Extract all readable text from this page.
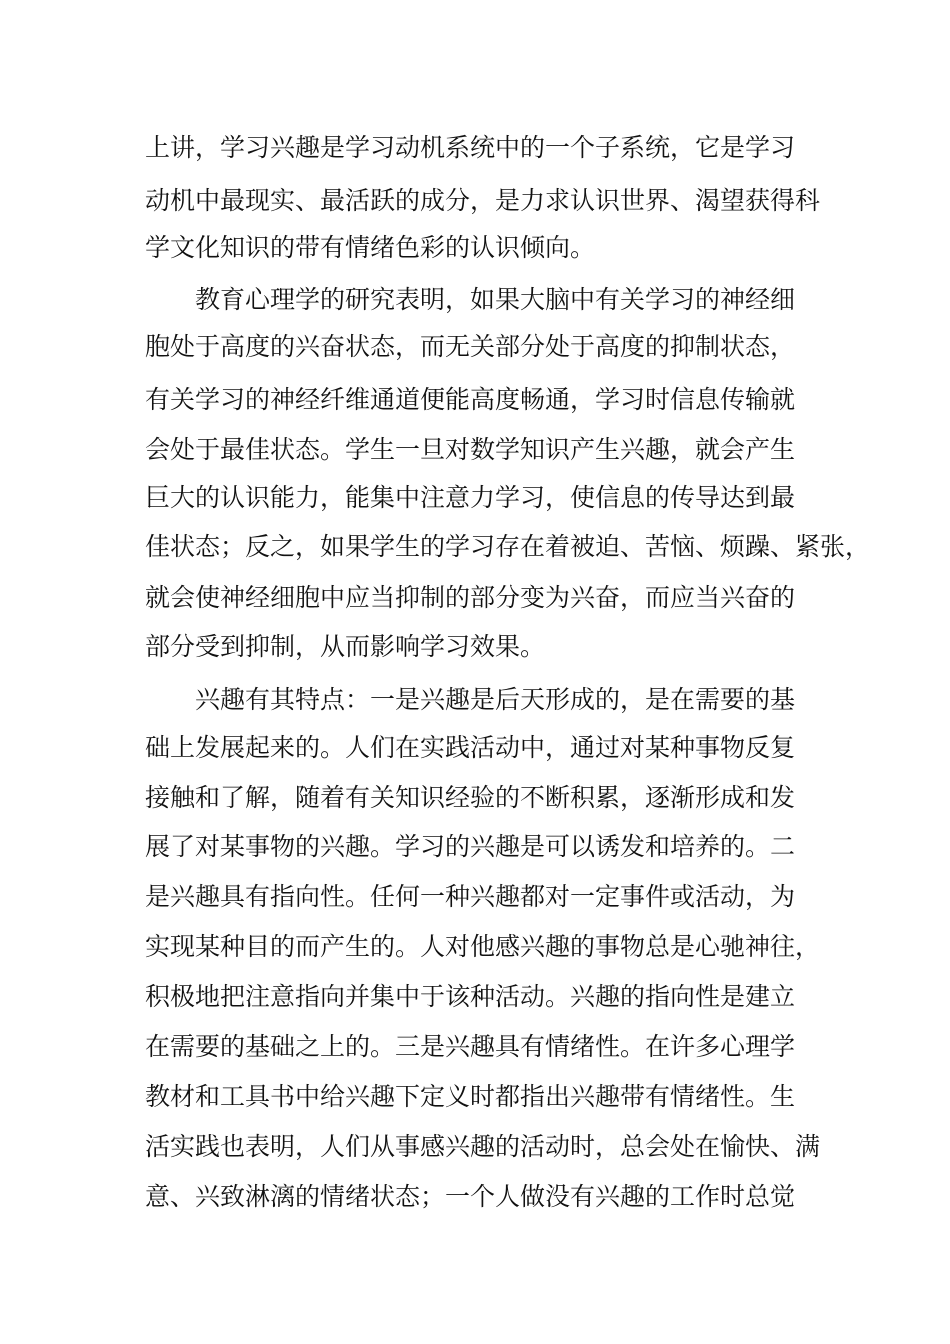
上讲，学习兴趣是学习动机系统中的一个子系统，它是学习
动机中最现实、最活跃的成分，是力求认识世界、渴望获得科
学文化知识的带有情绪色彩的认识倾向。
教育心理学的研究表明，如果大脑中有关学习的神经细
胞处于高度的兴奋状态，而无关部分处于高度的抑制状态，
有关学习的神经纤维通道便能高度畅通，学习时信息传输就
会处于最佳状态。学生一旦对数学知识产生兴趣，就会产生
巨大的认识能力，能集中注意力学习，使信息的传导达到最
佳状态；反之，如果学生的学习存在着被迫、苦恼、烦躁、紧张，
就会使神经细胞中应当抑制的部分变为兴奋，而应当兴奋的
部分受到抑制，从而影响学习效果。
兴趣有其特点：一是兴趣是后天形成的，是在需要的基
础上发展起来的。人们在实践活动中，通过对某种事物反复
接触和了解，随着有关知识经验的不断积累，逐渐形成和发
展了对某事物的兴趣。学习的兴趣是可以诱发和培养的。二
是兴趣具有指向性。任何一种兴趣都对一定事件或活动，为
实现某种目的而产生的。人对他感兴趣的事物总是心驰神往，
积极地把注意指向并集中于该种活动。兴趣的指向性是建立
在需要的基础之上的。三是兴趣具有情绪性。在许多心理学
教材和工具书中给兴趣下定义时都指出兴趣带有情绪性。生
活实践也表明，人们从事感兴趣的活动时，总会处在愉快、满
意、兴致淋漓的情绪状态；一个人做没有兴趣的工作时总觉
